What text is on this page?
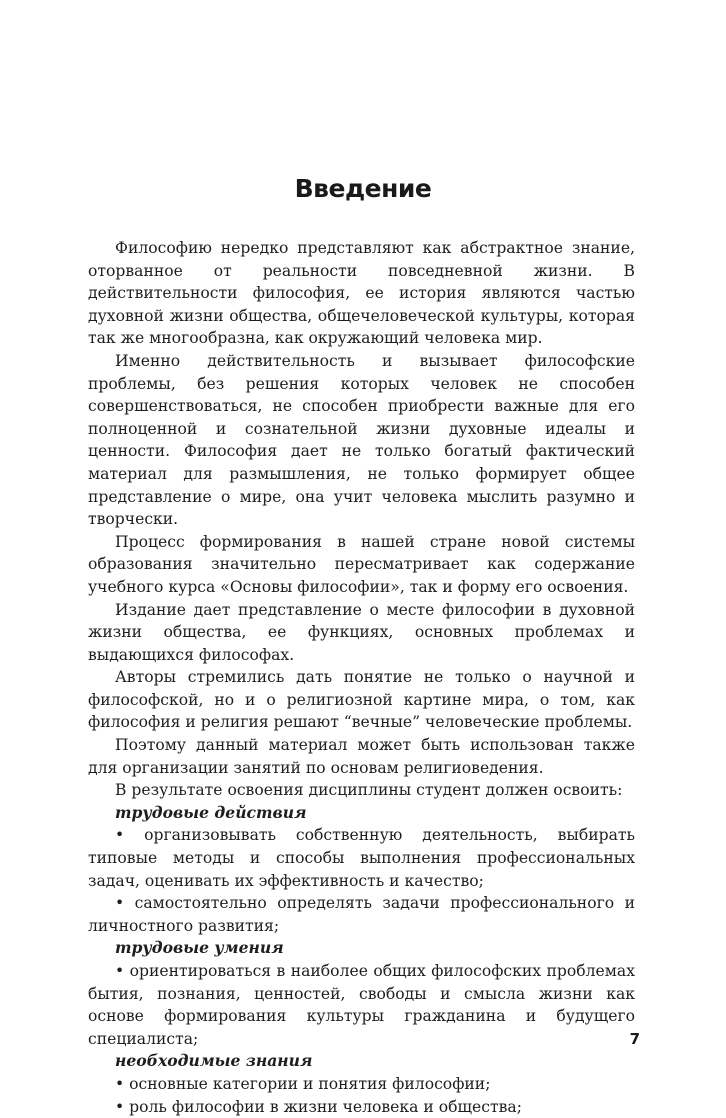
Введение

Философию нередко представляют как абстрактное знание, оторванное от реальности повседневной жизни. В действительности философия, ее история являются частью духовной жизни общества, общечеловеческой культуры, которая так же многообразна, как окружающий человека мир.

Именно действительность и вызывает философские проблемы, без решения которых человек не способен совершенствоваться, не способен приобрести важные для его полноценной и сознательной жизни духовные идеалы и ценности. Философия дает не только богатый фактический материал для размышления, не только формирует общее представление о мире, она учит человека мыслить разумно и творчески.

Процесс формирования в нашей стране новой системы образования значительно пересматривает как содержание учебного курса «Основы философии», так и форму его освоения.

Издание дает представление о месте философии в духовной жизни общества, ее функциях, основных проблемах и выдающихся философах.

Авторы стремились дать понятие не только о научной и философской, но и о религиозной картине мира, о том, как философия и религия решают “вечные” человеческие проблемы.

Поэтому данный материал может быть использован также для организации занятий по основам религиоведения.

В результате освоения дисциплины студент должен освоить:

трудовые действия

• организовывать собственную деятельность, выбирать типовые методы и способы выполнения профессиональных задач, оценивать их эффективность и качество;

• самостоятельно определять задачи профессионального и личностного развития;

трудовые умения

• ориентироваться в наиболее общих философских проблемах бытия, познания, ценностей, свободы и смысла жизни как основе формирования культуры гражданина и будущего специалиста;

необходимые знания

• основные категории и понятия философии;

• роль философии в жизни человека и общества;

7
